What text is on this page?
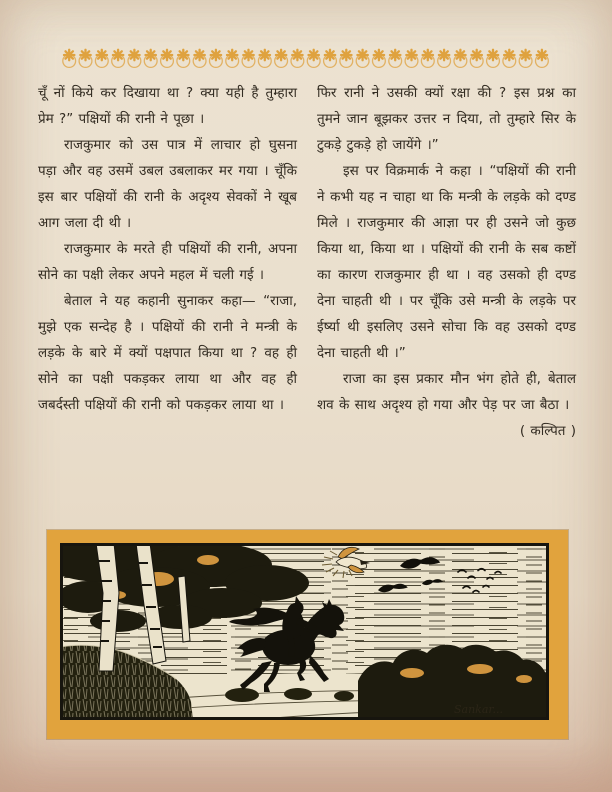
चूँ नों किये कर दिखाया था ? क्या यही है तुम्हारा प्रेम ?” पक्षियों की रानी ने पूछा ।

राजकुमार को उस पात्र में लाचार हो घुसना पड़ा और वह उसमें उबल उबलाकर मर गया । चूँकि इस बार पक्षियों की रानी के अदृश्य सेवकों ने खूब आग जला दी थी ।

राजकुमार के मरते ही पक्षियों की रानी, अपना सोने का पक्षी लेकर अपने महल में चली गई ।

बेताल ने यह कहानी सुनाकर कहा— “राजा, मुझे एक सन्देह है । पक्षियों की रानी ने मन्त्री के लड़के के बारे में क्यों पक्षपात किया था ? वह ही सोने का पक्षी पकड़कर लाया था और वह ही जबर्दस्ती पक्षियों की रानी को पकड़कर लाया था ।

फिर रानी ने उसकी क्यों रक्षा की ? इस प्रश्न का तुमने जान बूझकर उत्तर न दिया, तो तुम्हारे सिर के टुकड़े टुकड़े हो जायेंगे ।”

इस पर विक्रमार्क ने कहा । “पक्षियों की रानी ने कभी यह न चाहा था कि मन्त्री के लड़के को दण्ड मिले । राजकुमार की आज्ञा पर ही उसने जो कुछ किया था, किया था । पक्षियों की रानी के सब कष्टों का कारण राजकुमार ही था । वह उसको ही दण्ड देना चाहती थी । पर चूँकि उसे मन्त्री के लड़के पर ईर्ष्या थी इसलिए उसने सोचा कि वह उसको दण्ड देना चाहती थी ।”

राजा का इस प्रकार मौन भंग होते ही, बेताल शव के साथ अदृश्य हो गया और पेड़ पर जा बैठा ।
( कल्पित )

Sankar...
